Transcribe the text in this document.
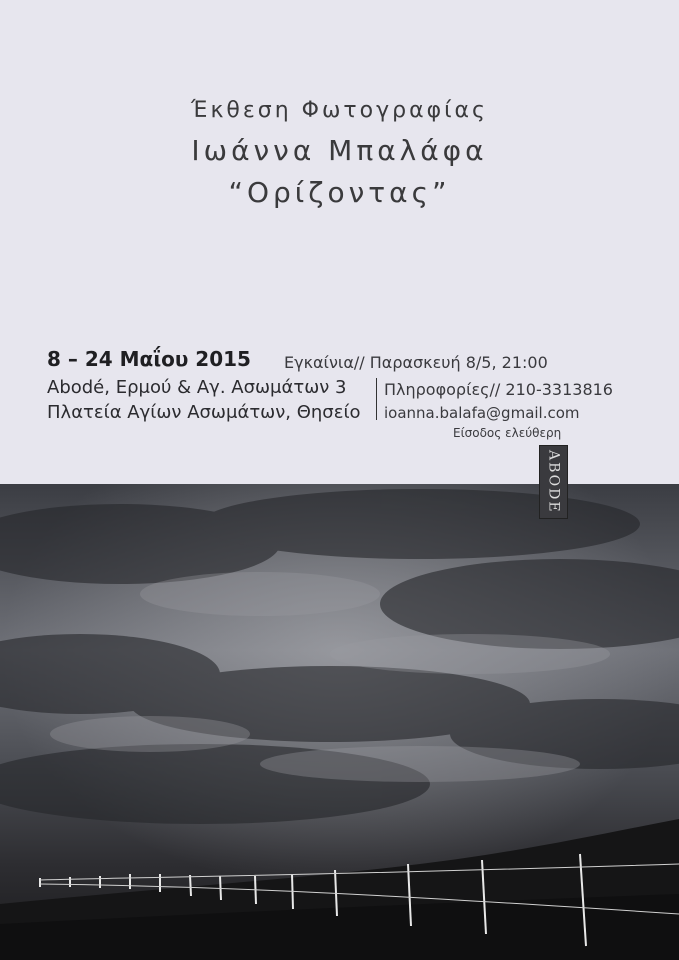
Έκθεση Φωτογραφίας
Ιωάννα Μπαλάφα
“Ορίζοντας”
8 – 24 Μαΐου 2015 Εγκαίνια// Παρασκευή 8/5, 21:00
Abodé, Ερμού & Αγ. Ασωμάτων 3
Πλατεία Αγίων Ασωμάτων, Θησείο
Πληροφορίες// 210-3313816
ioanna.balafa@gmail.com
Είσοδος ελεύθερη
ABODE
